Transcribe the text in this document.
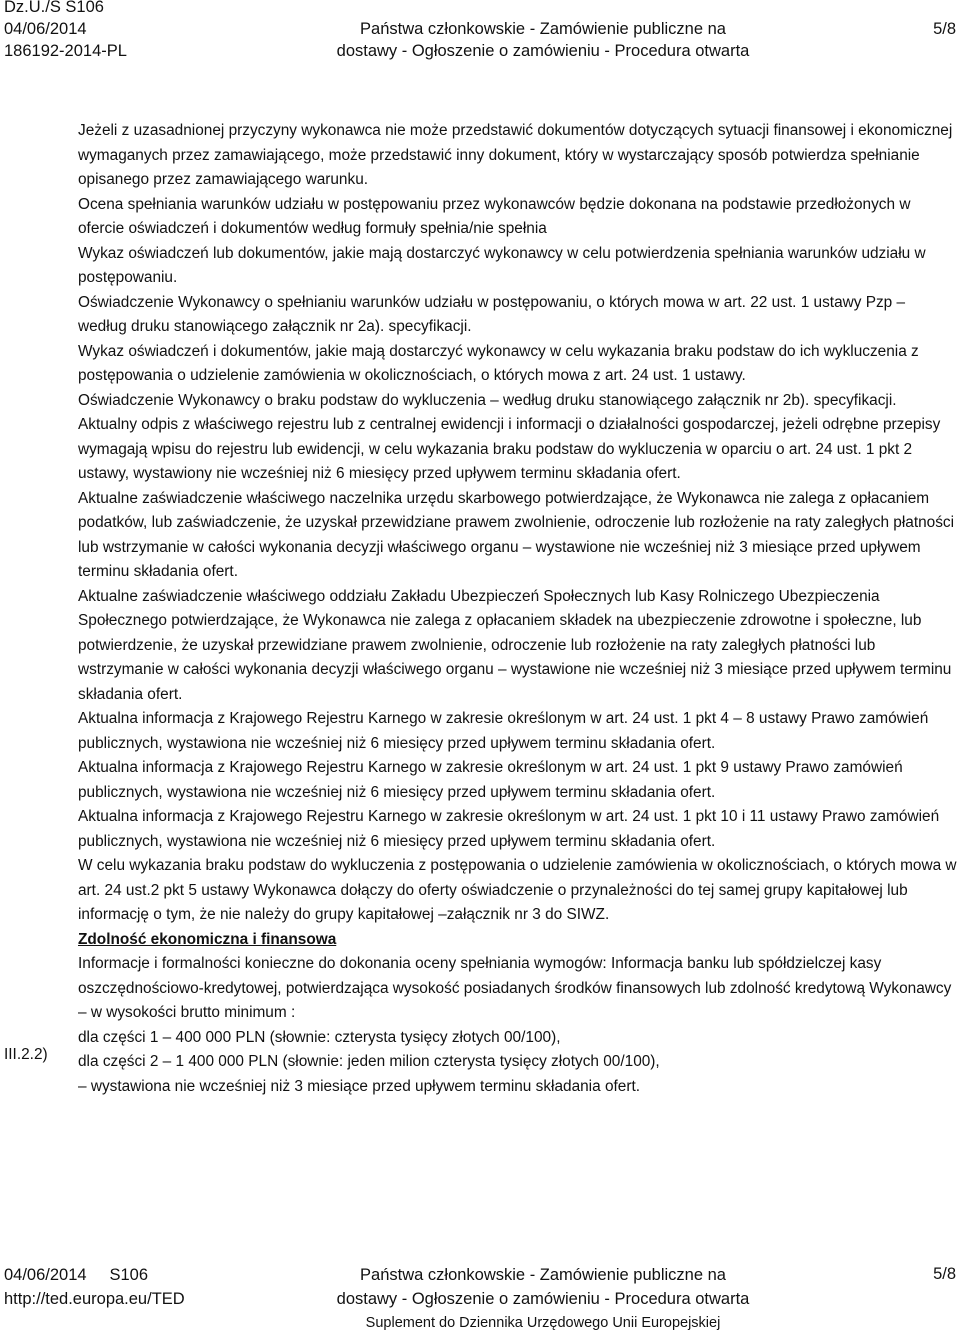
Dz.U./S S106
04/06/2014
186192-2014-PL
Państwa członkowskie - Zamówienie publiczne na
dostawy - Ogłoszenie o zamówieniu - Procedura otwarta
5/8

Jeżeli z uzasadnionej przyczyny wykonawca nie może przedstawić dokumentów dotyczących sytuacji finansowej i ekonomicznej wymaganych przez zamawiającego, może przedstawić inny dokument, który w wystarczający sposób potwierdza spełnianie opisanego przez zamawiającego warunku.

Ocena spełniania warunków udziału w postępowaniu przez wykonawców będzie dokonana na podstawie przedłożonych w ofercie oświadczeń i dokumentów według formuły spełnia/nie spełnia

Wykaz oświadczeń lub dokumentów, jakie mają dostarczyć wykonawcy w celu potwierdzenia spełniania warunków udziału w postępowaniu.

Oświadczenie Wykonawcy o spełnianiu warunków udziału w postępowaniu, o których mowa w art. 22 ust. 1 ustawy Pzp – według druku stanowiącego załącznik nr 2a). specyfikacji.

Wykaz oświadczeń i dokumentów, jakie mają dostarczyć wykonawcy w celu wykazania braku podstaw do ich wykluczenia z postępowania o udzielenie zamówienia w okolicznościach, o których mowa z art. 24 ust. 1 ustawy.

Oświadczenie Wykonawcy o braku podstaw do wykluczenia – według druku stanowiącego załącznik nr 2b). specyfikacji.

Aktualny odpis z właściwego rejestru lub z centralnej ewidencji i informacji o działalności gospodarczej, jeżeli odrębne przepisy wymagają wpisu do rejestru lub ewidencji, w celu wykazania braku podstaw do wykluczenia w oparciu o art. 24 ust. 1 pkt 2 ustawy, wystawiony nie wcześniej niż 6 miesięcy przed upływem terminu składania ofert.

Aktualne zaświadczenie właściwego naczelnika urzędu skarbowego potwierdzające, że Wykonawca nie zalega z opłacaniem podatków, lub zaświadczenie, że uzyskał przewidziane prawem zwolnienie, odroczenie lub rozłożenie na raty zaległych płatności lub wstrzymanie w całości wykonania decyzji właściwego organu – wystawione nie wcześniej niż 3 miesiące przed upływem terminu składania ofert.

Aktualne zaświadczenie właściwego oddziału Zakładu Ubezpieczeń Społecznych lub Kasy Rolniczego Ubezpieczenia Społecznego potwierdzające, że Wykonawca nie zalega z opłacaniem składek na ubezpieczenie zdrowotne i społeczne, lub potwierdzenie, że uzyskał przewidziane prawem zwolnienie, odroczenie lub rozłożenie na raty zaległych płatności lub wstrzymanie w całości wykonania decyzji właściwego organu – wystawione nie wcześniej niż 3 miesiące przed upływem terminu składania ofert.

Aktualna informacja z Krajowego Rejestru Karnego w zakresie określonym w art. 24 ust. 1 pkt 4 – 8 ustawy Prawo zamówień publicznych, wystawiona nie wcześniej niż 6 miesięcy przed upływem terminu składania ofert.

Aktualna informacja z Krajowego Rejestru Karnego w zakresie określonym w art. 24 ust. 1 pkt 9 ustawy Prawo zamówień publicznych, wystawiona nie wcześniej niż 6 miesięcy przed upływem terminu składania ofert.

Aktualna informacja z Krajowego Rejestru Karnego w zakresie określonym w art. 24 ust. 1 pkt 10 i 11 ustawy Prawo zamówień publicznych, wystawiona nie wcześniej niż 6 miesięcy przed upływem terminu składania ofert.

W celu wykazania braku podstaw do wykluczenia z postępowania o udzielenie zamówienia w okolicznościach, o których mowa w art. 24 ust.2 pkt 5 ustawy Wykonawca dołączy do oferty oświadczenie o przynależności do tej samej grupy kapitałowej lub informację o tym, że nie należy do grupy kapitałowej –załącznik nr 3 do SIWZ.

Zdolność ekonomiczna i finansowa

Informacje i formalności konieczne do dokonania oceny spełniania wymogów: Informacja banku lub spółdzielczej kasy oszczędnościowo-kredytowej, potwierdzająca wysokość posiadanych środków finansowych lub zdolność kredytową Wykonawcy – w wysokości brutto minimum :

dla części 1 – 400 000 PLN (słownie: czterysta tysięcy złotych 00/100),

dla części 2 – 1 400 000 PLN (słownie: jeden milion czterysta tysięcy złotych 00/100),

– wystawiona nie wcześniej niż 3 miesiące przed upływem terminu składania ofert.

III.2.2)
04/06/2014     S106
http://ted.europa.eu/TED
Państwa członkowskie - Zamówienie publiczne na
dostawy - Ogłoszenie o zamówieniu - Procedura otwarta
Suplement do Dziennika Urzędowego Unii Europejskiej
5/8
